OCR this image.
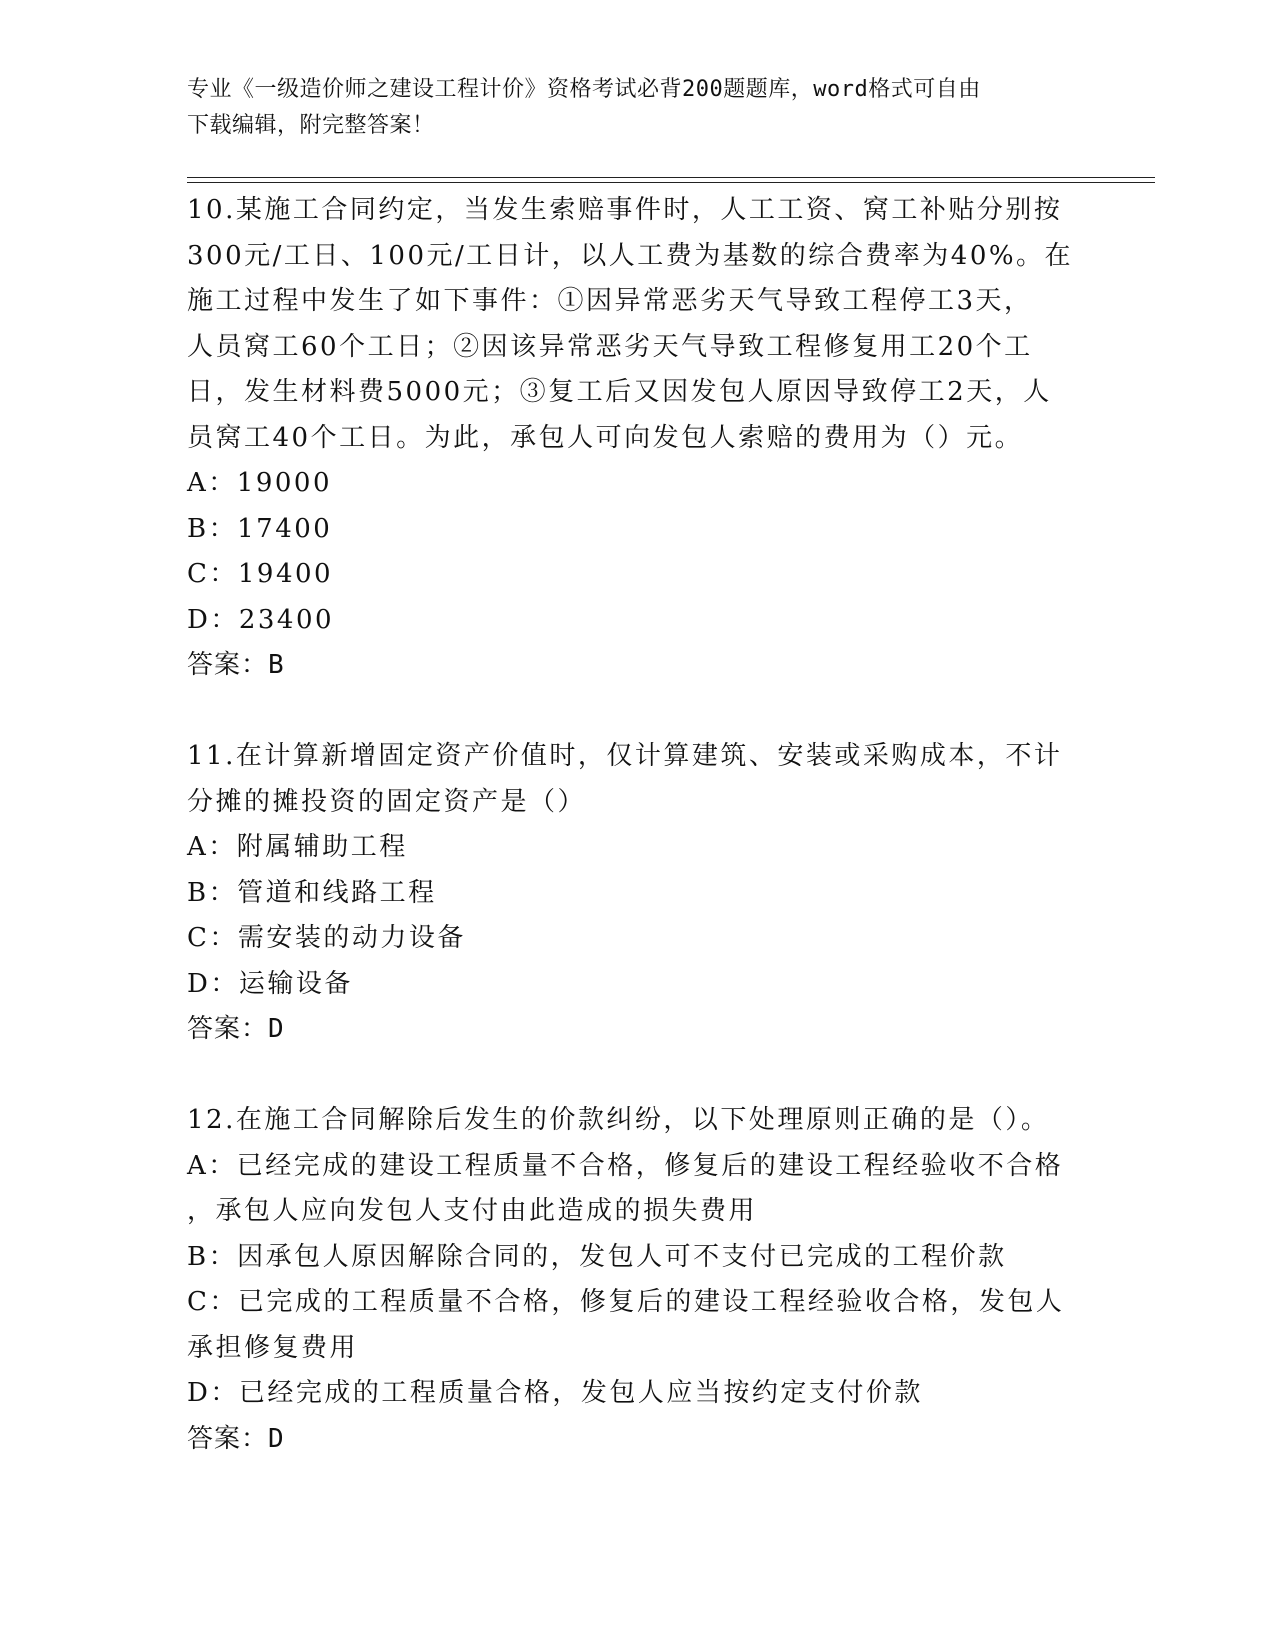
专业《一级造价师之建设工程计价》资格考试必背200题题库，word格式可自由
下载编辑，附完整答案！
10.某施工合同约定，当发生索赔事件时，人工工资、窝工补贴分别按
300元/工日、100元/工日计，以人工费为基数的综合费率为40%。在
施工过程中发生了如下事件：①因异常恶劣天气导致工程停工3天，
人员窝工60个工日；②因该异常恶劣天气导致工程修复用工20个工
日，发生材料费5000元；③复工后又因发包人原因导致停工2天，人
员窝工40个工日。为此，承包人可向发包人索赔的费用为（）元。
A：19000
B：17400
C：19400
D：23400
答案：B
11.在计算新增固定资产价值时，仅计算建筑、安装或采购成本，不计
分摊的摊投资的固定资产是（）
A：附属辅助工程
B：管道和线路工程
C：需安装的动力设备
D：运输设备
答案：D
12.在施工合同解除后发生的价款纠纷，以下处理原则正确的是（）。
A：已经完成的建设工程质量不合格，修复后的建设工程经验收不合格
，承包人应向发包人支付由此造成的损失费用
B：因承包人原因解除合同的，发包人可不支付已完成的工程价款
C：已完成的工程质量不合格，修复后的建设工程经验收合格，发包人
承担修复费用
D：已经完成的工程质量合格，发包人应当按约定支付价款
答案：D
